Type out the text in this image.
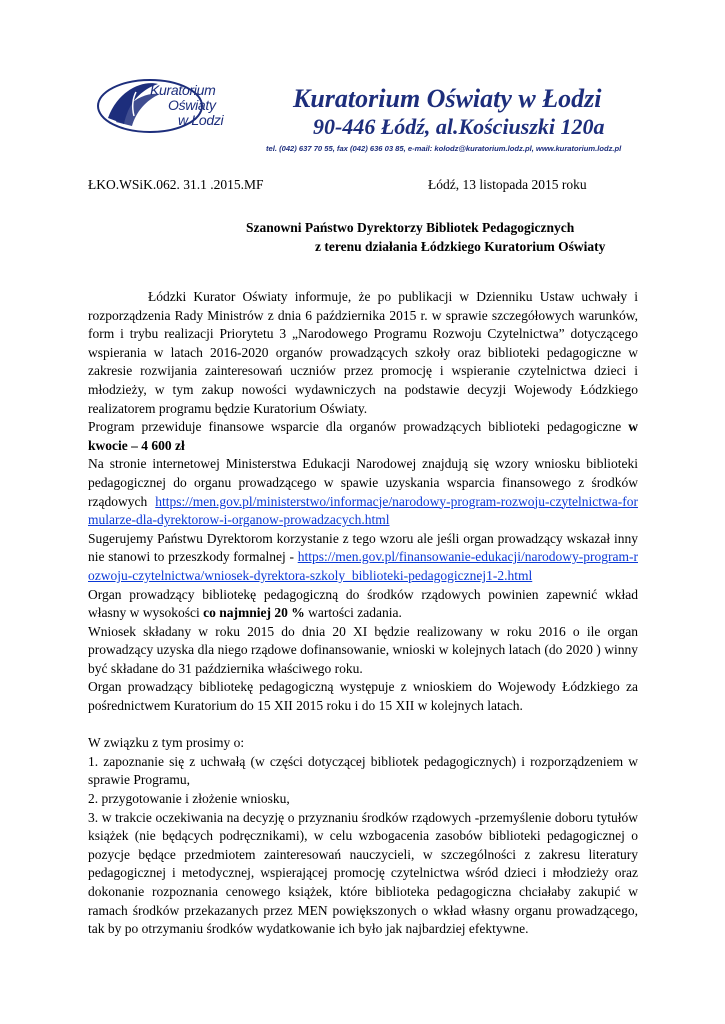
Kuratorium
Oświaty
w Łodzi
Kuratorium Oświaty w Łodzi
90-446 Łódź, al.Kościuszki 120a
tel. (042) 637 70 55, fax (042) 636 03 85, e-mail: kolodz@kuratorium.lodz.pl, www.kuratorium.lodz.pl
ŁKO.WSiK.062. 31.1 .2015.MF	Łódź, 13 listopada 2015 roku
Szanowni Państwo Dyrektorzy Bibliotek Pedagogicznych
z terenu działania Łódzkiego Kuratorium Oświaty

Łódzki Kurator Oświaty informuje, że po publikacji w Dzienniku Ustaw uchwały i rozporządzenia Rady Ministrów z dnia 6 października 2015 r. w sprawie szczegółowych warunków, form i trybu realizacji Priorytetu 3 „Narodowego Programu Rozwoju Czytelnictwa” dotyczącego wspierania w latach 2016-2020 organów prowadzących szkoły oraz biblioteki pedagogiczne w zakresie rozwijania zainteresowań uczniów przez promocję i wspieranie czytelnictwa dzieci i młodzieży, w tym zakup nowości wydawniczych na podstawie decyzji Wojewody Łódzkiego realizatorem programu będzie Kuratorium Oświaty.

Program przewiduje finansowe wsparcie dla organów prowadzących biblioteki pedagogiczne w kwocie – 4 600 zł

Na stronie internetowej Ministerstwa Edukacji Narodowej znajdują się wzory wniosku biblioteki pedagogicznej do organu prowadzącego w spawie uzyskania wsparcia finansowego z środków rządowych https://men.gov.pl/ministerstwo/informacje/narodowy-program-rozwoju-czytelnictwa-formularze-dla-dyrektorow-i-organow-prowadzacych.html

Sugerujemy Państwu Dyrektorom korzystanie z tego wzoru ale jeśli organ prowadzący wskazał inny nie stanowi to przeszkody formalnej - https://men.gov.pl/finansowanie-edukacji/narodowy-program-rozwoju-czytelnictwa/wniosek-dyrektora-szkoly_biblioteki-pedagogicznej1-2.html

Organ prowadzący bibliotekę pedagogiczną do środków rządowych powinien zapewnić wkład własny w wysokości co najmniej 20 % wartości zadania.

Wniosek składany w roku 2015 do dnia 20 XI będzie realizowany w roku 2016 o ile organ prowadzący uzyska dla niego rządowe dofinansowanie, wnioski w kolejnych latach (do 2020 ) winny być składane do 31 października właściwego roku.

Organ prowadzący bibliotekę pedagogiczną występuje z wnioskiem do Wojewody Łódzkiego za pośrednictwem Kuratorium do 15 XII 2015 roku i do 15 XII w kolejnych latach.

W związku z tym prosimy o:

1. zapoznanie się z uchwałą (w części dotyczącej bibliotek pedagogicznych) i rozporządzeniem w sprawie Programu,

2. przygotowanie i złożenie wniosku,

3. w trakcie oczekiwania na decyzję o przyznaniu środków rządowych -przemyślenie doboru tytułów książek (nie będących podręcznikami), w celu wzbogacenia zasobów biblioteki pedagogicznej o pozycje będące przedmiotem zainteresowań nauczycieli, w szczególności z zakresu literatury pedagogicznej i metodycznej, wspierającej promocję czytelnictwa wśród dzieci i młodzieży oraz dokonanie rozpoznania cenowego książek, które biblioteka pedagogiczna chciałaby zakupić w ramach środków przekazanych przez MEN powiększonych o wkład własny organu prowadzącego, tak by po otrzymaniu środków wydatkowanie ich było jak najbardziej efektywne.
